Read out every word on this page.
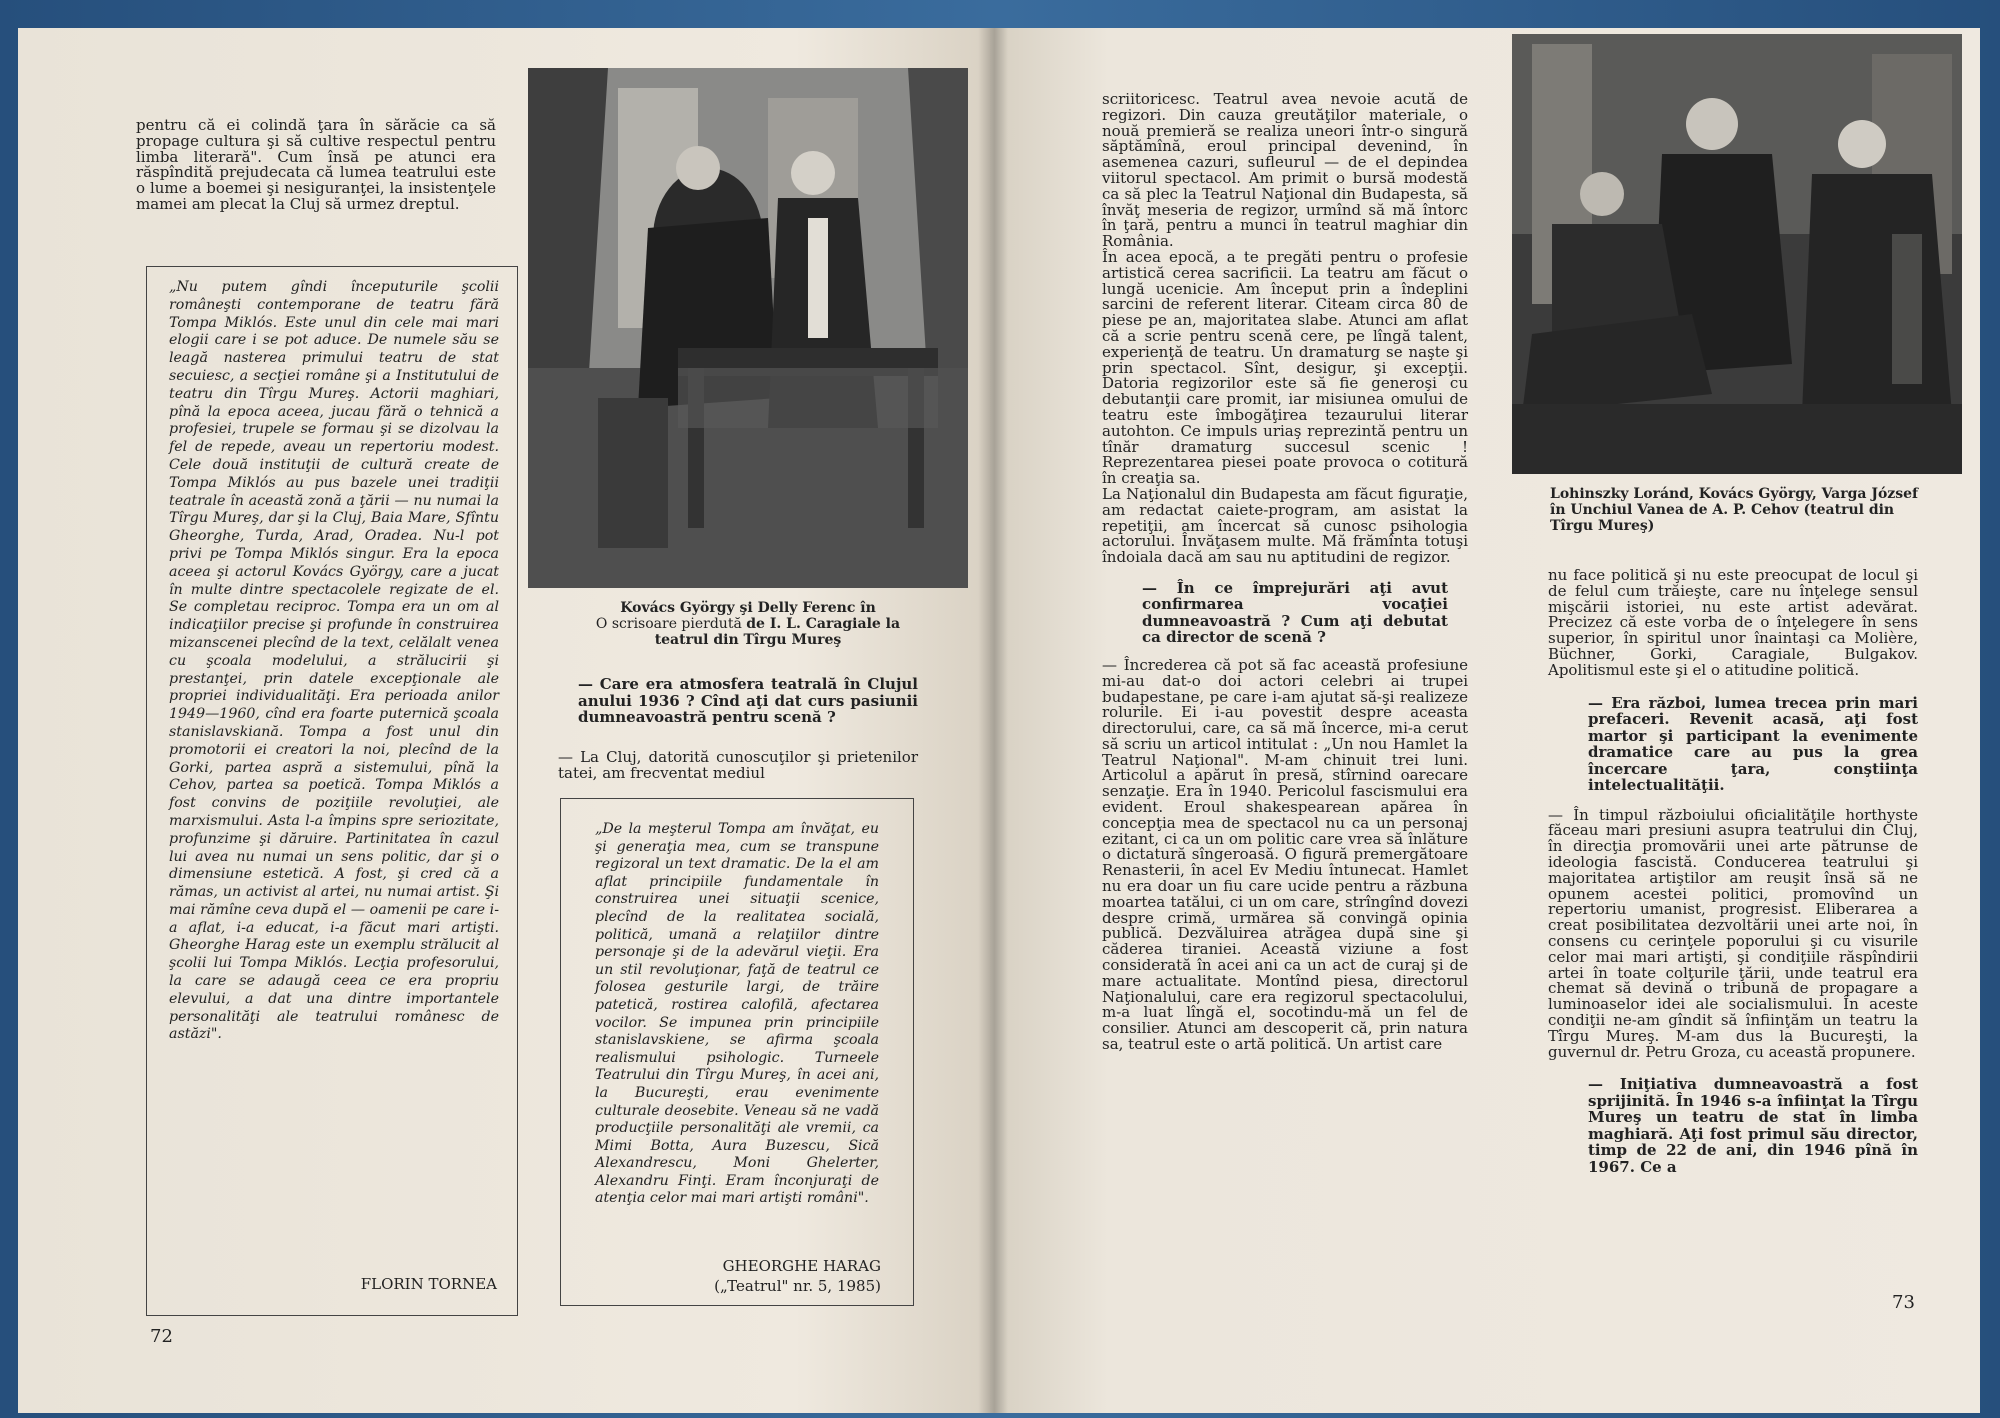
pentru că ei colindă ţara în sărăcie ca să propage cultura şi să cultive respectul pentru limba literară". Cum însă pe atunci era răspîndită prejudecata că lumea teatrului este o lume a boemei şi nesiguranţei, la insistenţele mamei am plecat la Cluj să urmez dreptul.

„Nu putem gîndi începuturile şcolii româneşti contemporane de teatru fără Tompa Miklós. Este unul din cele mai mari elogii care i se pot aduce. De numele său se leagă nasterea primului teatru de stat secuiesc, a secţiei române şi a Institutului de teatru din Tîrgu Mureş. Actorii maghiari, pînă la epoca aceea, jucau fără o tehnică a profesiei, trupele se formau şi se dizolvau la fel de repede, aveau un repertoriu modest. Cele două instituţii de cultură create de Tompa Miklós au pus bazele unei tradiţii teatrale în această zonă a ţării — nu numai la Tîrgu Mureş, dar şi la Cluj, Baia Mare, Sfîntu Gheorghe, Turda, Arad, Oradea. Nu-l pot privi pe Tompa Miklós singur. Era la epoca aceea şi actorul Kovács György, care a jucat în multe dintre spectacolele regizate de el. Se completau reciproc. Tompa era un om al indicaţiilor precise şi profunde în construirea mizanscenei plecînd de la text, celălalt venea cu şcoala modelului, a strălucirii şi prestanţei, prin datele excepţionale ale propriei individualităţi. Era perioada anilor 1949—1960, cînd era foarte puternică şcoala stanislavskiană. Tompa a fost unul din promotorii ei creatori la noi, plecînd de la Gorki, partea aspră a sistemului, pînă la Cehov, partea sa poetică. Tompa Miklós a fost convins de poziţiile revoluţiei, ale marxismului. Asta l-a împins spre seriozitate, profunzime şi dăruire. Partinitatea în cazul lui avea nu numai un sens politic, dar şi o dimensiune estetică. A fost, şi cred că a rămas, un activist al artei, nu numai artist. Şi mai rămîne ceva după el — oamenii pe care i-a aflat, i-a educat, i-a făcut mari artişti. Gheorghe Harag este un exemplu strălucit al şcolii lui Tompa Miklós. Lecţia profesorului, la care se adaugă ceea ce era propriu elevului, a dat una dintre importantele personalităţi ale teatrului românesc de astăzi".

FLORIN TORNEA
Kovács György şi Delly Ferenc în
O scrisoare pierdută de I. L. Caragiale la teatrul din Tîrgu Mureş

— Care era atmosfera teatrală în Clujul anului 1936 ? Cînd aţi dat curs pasiunii dumneavoastră pentru scenă ?

— La Cluj, datorită cunoscuţilor şi prietenilor tatei, am frecventat mediul

„De la meşterul Tompa am învăţat, eu şi generaţia mea, cum se transpune regizoral un text dramatic. De la el am aflat principiile fundamentale în construirea unei situaţii scenice, plecînd de la realitatea socială, politică, umană a relaţiilor dintre personaje şi de la adevărul vieţii. Era un stil revoluţionar, faţă de teatrul ce folosea gesturile largi, de trăire patetică, rostirea calofilă, afectarea vocilor. Se impunea prin principiile stanislavskiene, se afirma şcoala realismului psihologic. Turneele Teatrului din Tîrgu Mureş, în acei ani, la Bucureşti, erau evenimente culturale deosebite. Veneau să ne vadă producţiile personalităţi ale vremii, ca Mimi Botta, Aura Buzescu, Sică Alexandrescu, Moni Ghelerter, Alexandru Finţi. Eram înconjuraţi de atenţia celor mai mari artişti români".

GHEORGHE HARAG
(„Teatrul" nr. 5, 1985)
72

scriitoricesc. Teatrul avea nevoie acută de regizori. Din cauza greutăţilor materiale, o nouă premieră se realiza uneori într-o singură săptămînă, eroul principal devenind, în asemenea cazuri, sufleurul — de el depindea viitorul spectacol. Am primit o bursă modestă ca să plec la Teatrul Naţional din Budapesta, să învăţ meseria de regizor, urmînd să mă întorc în ţară, pentru a munci în teatrul maghiar din România.

În acea epocă, a te pregăti pentru o profesie artistică cerea sacrificii. La teatru am făcut o lungă ucenicie. Am început prin a îndeplini sarcini de referent literar. Citeam circa 80 de piese pe an, majoritatea slabe. Atunci am aflat că a scrie pentru scenă cere, pe lîngă talent, experienţă de teatru. Un dramaturg se naşte şi prin spectacol. Sînt, desigur, şi excepţii. Datoria regizorilor este să fie generoşi cu debutanţii care promit, iar misiunea omului de teatru este îmbogăţirea tezaurului literar autohton. Ce impuls uriaş reprezintă pentru un tînăr dramaturg succesul scenic ! Reprezentarea piesei poate provoca o cotitură în creaţia sa.

La Naţionalul din Budapesta am făcut figuraţie, am redactat caiete-program, am asistat la repetiţii, am încercat să cunosc psihologia actorului. Învăţasem multe. Mă frămînta totuşi îndoiala dacă am sau nu aptitudini de regizor.

— În ce împrejurări aţi avut confirmarea vocaţiei dumneavoastră ? Cum aţi debutat ca director de scenă ?

— Încrederea că pot să fac această profesiune mi-au dat-o doi actori celebri ai trupei budapestane, pe care i-am ajutat să-şi realizeze rolurile. Ei i-au povestit despre aceasta directorului, care, ca să mă încerce, mi-a cerut să scriu un articol intitulat : „Un nou Hamlet la Teatrul Naţional". M-am chinuit trei luni. Articolul a apărut în presă, stîrnind oarecare senzaţie. Era în 1940. Pericolul fascismului era evident. Eroul shakespearean apărea în concepţia mea de spectacol nu ca un personaj ezitant, ci ca un om politic care vrea să înlăture o dictatură sîngeroasă. O figură premergătoare Renasterii, în acel Ev Mediu întunecat. Hamlet nu era doar un fiu care ucide pentru a răzbuna moartea tatălui, ci un om care, strîngînd dovezi despre crimă, urmărea să convingă opinia publică. Dezvăluirea atrăgea după sine şi căderea tiraniei. Această viziune a fost considerată în acei ani ca un act de curaj şi de mare actualitate. Montînd piesa, directorul Naţionalului, care era regizorul spectacolului, m-a luat lîngă el, socotindu-mă un fel de consilier. Atunci am descoperit că, prin natura sa, teatrul este o artă politică. Un artist care

Lohinszky Loránd, Kovács György, Varga József în Unchiul Vanea de A. P. Cehov (teatrul din Tîrgu Mureş)

nu face politică şi nu este preocupat de locul şi de felul cum trăieşte, care nu înţelege sensul mişcării istoriei, nu este artist adevărat. Precizez că este vorba de o înţelegere în sens superior, în spiritul unor înaintaşi ca Molière, Büchner, Gorki, Caragiale, Bulgakov. Apolitismul este şi el o atitudine politică.

— Era război, lumea trecea prin mari prefaceri. Revenit acasă, aţi fost martor şi participant la evenimente dramatice care au pus la grea încercare ţara, conştiinţa intelectualităţii.

— În timpul războiului oficialităţile horthyste făceau mari presiuni asupra teatrului din Cluj, în direcţia promovării unei arte pătrunse de ideologia fascistă. Conducerea teatrului şi majoritatea artiştilor am reuşit însă să ne opunem acestei politici, promovînd un repertoriu umanist, progresist. Eliberarea a creat posibilitatea dezvoltării unei arte noi, în consens cu cerinţele poporului şi cu visurile celor mai mari artişti, şi condiţiile răspîndirii artei în toate colţurile ţării, unde teatrul era chemat să devină o tribună de propagare a luminoaselor idei ale socialismului. În aceste condiţii ne-am gîndit să înfiinţăm un teatru la Tîrgu Mureş. M-am dus la Bucureşti, la guvernul dr. Petru Groza, cu această propunere.

— Iniţiativa dumneavoastră a fost sprijinită. În 1946 s-a înfiinţat la Tîrgu Mureş un teatru de stat în limba maghiară. Aţi fost primul său director, timp de 22 de ani, din 1946 pînă în 1967. Ce a

73
